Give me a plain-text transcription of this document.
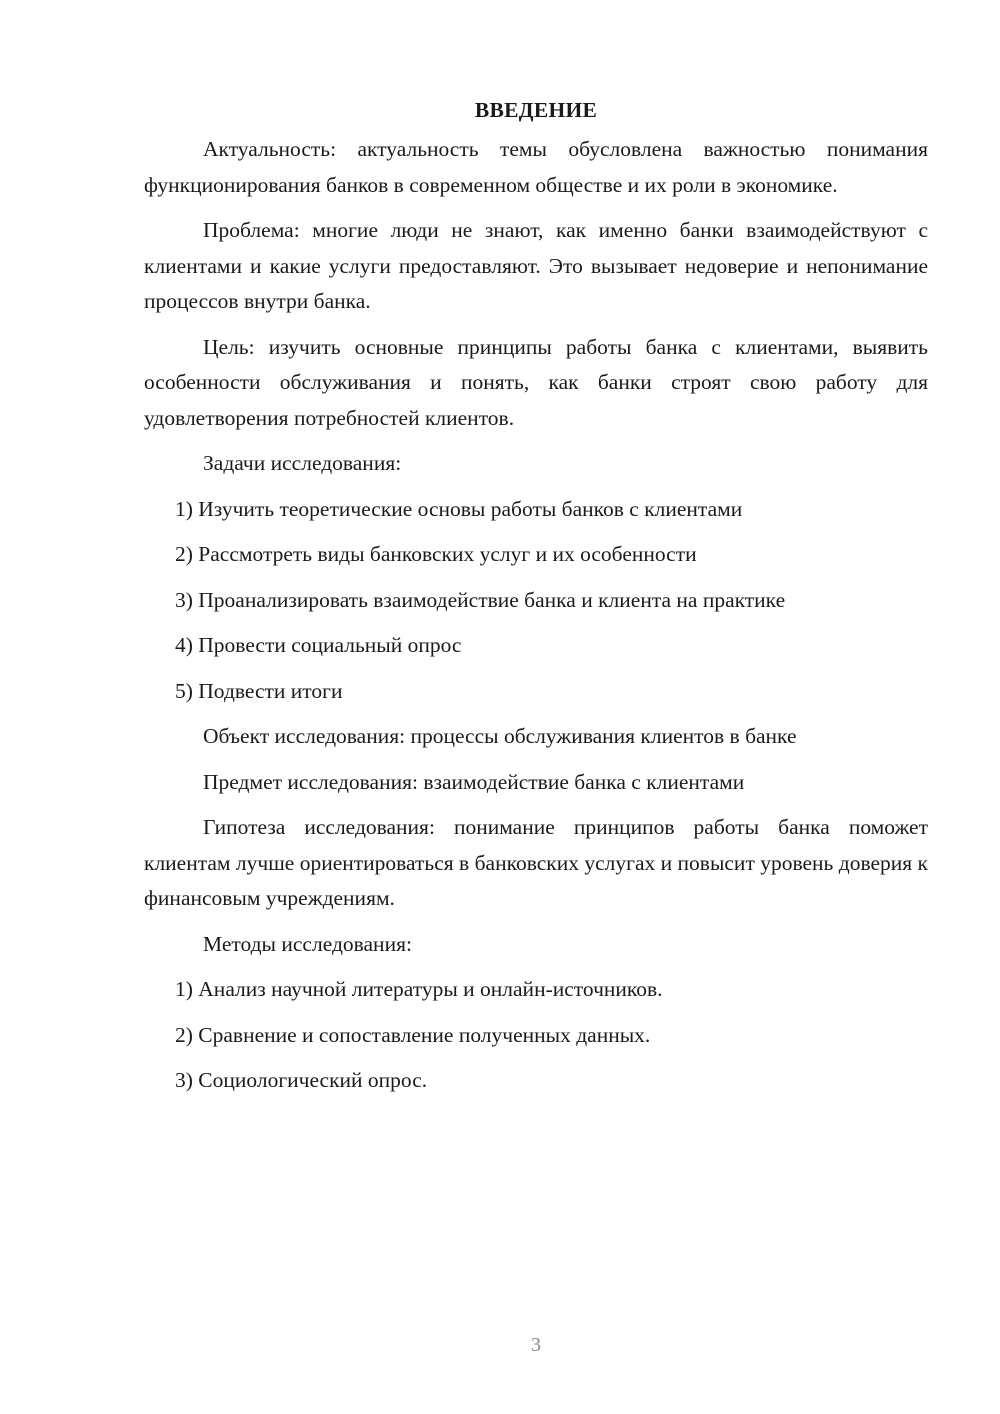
ВВЕДЕНИЕ

Актуальность: актуальность темы обусловлена важностью понимания функционирования банков в современном обществе и их роли в экономике.

Проблема: многие люди не знают, как именно банки взаимодействуют с клиентами и какие услуги предоставляют. Это вызывает недоверие и непонимание процессов внутри банка.

Цель: изучить основные принципы работы банка с клиентами, выявить особенности обслуживания и понять, как банки строят свою работу для удовлетворения потребностей клиентов.

Задачи исследования:

1) Изучить теоретические основы работы банков с клиентами

2) Рассмотреть виды банковских услуг и их особенности

3) Проанализировать взаимодействие банка и клиента на практике

4) Провести социальный опрос

5) Подвести итоги

Объект исследования: процессы обслуживания клиентов в банке

Предмет исследования: взаимодействие банка с клиентами

Гипотеза исследования: понимание принципов работы банка поможет клиентам лучше ориентироваться в банковских услугах и повысит уровень доверия к финансовым учреждениям.

Методы исследования:

1) Анализ научной литературы и онлайн-источников.

2) Сравнение и сопоставление полученных данных.

3) Социологический опрос.

3
